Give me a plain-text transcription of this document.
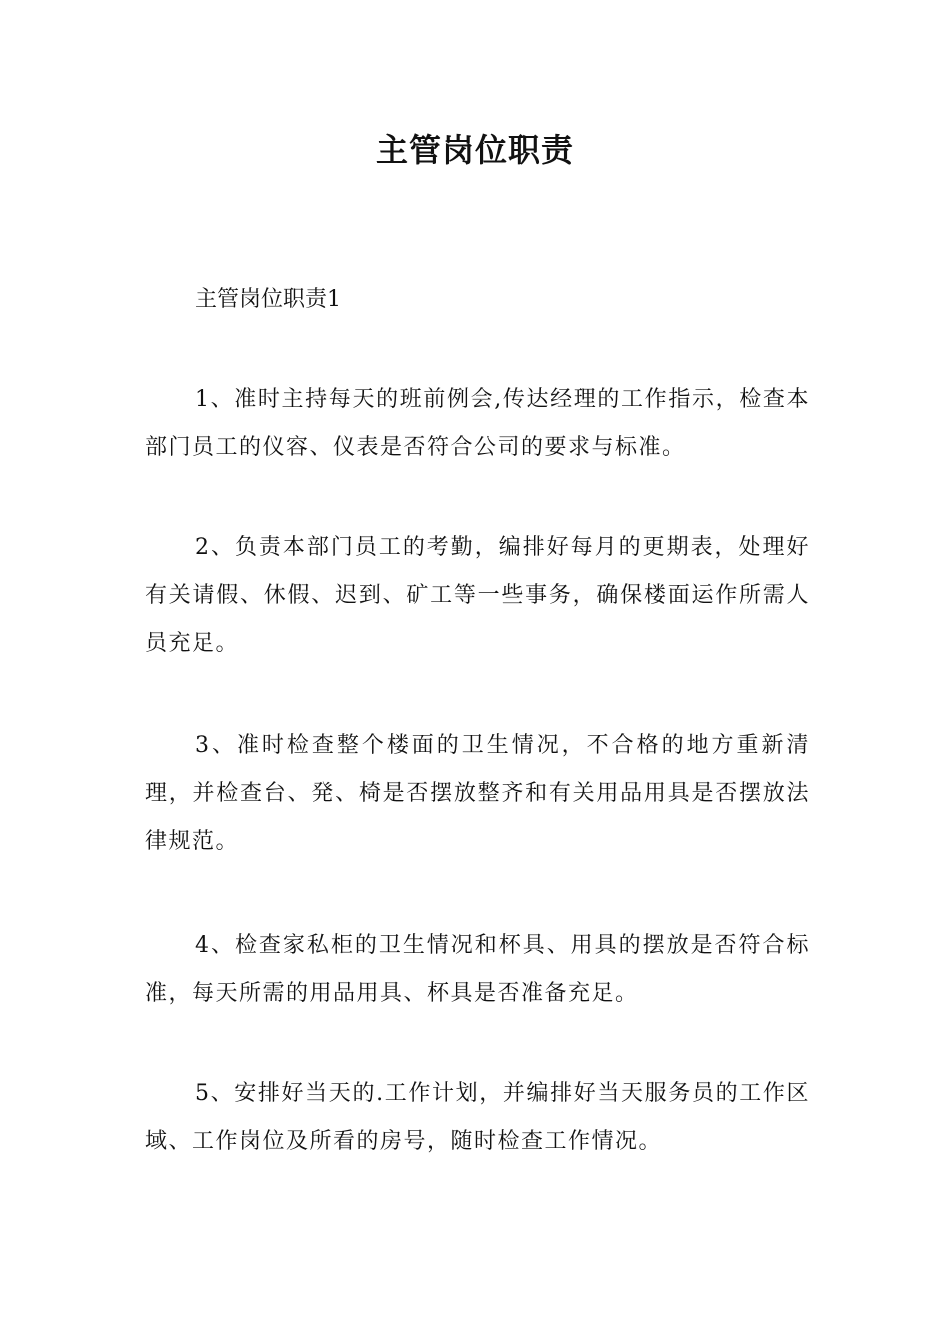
主管岗位职责

主管岗位职责1

1、准时主持每天的班前例会,传达经理的工作指示，检查本部门员工的仪容、仪表是否符合公司的要求与标准。

2、负责本部门员工的考勤，编排好每月的更期表，处理好有关请假、休假、迟到、矿工等一些事务，确保楼面运作所需人员充足。

3、准时检查整个楼面的卫生情况，不合格的地方重新清理，并检查台、発、椅是否摆放整齐和有关用品用具是否摆放法律规范。

4、检查家私柜的卫生情况和杯具、用具的摆放是否符合标准，每天所需的用品用具、杯具是否准备充足。

5、安排好当天的.工作计划，并编排好当天服务员的工作区域、工作岗位及所看的房号，随时检查工作情况。
